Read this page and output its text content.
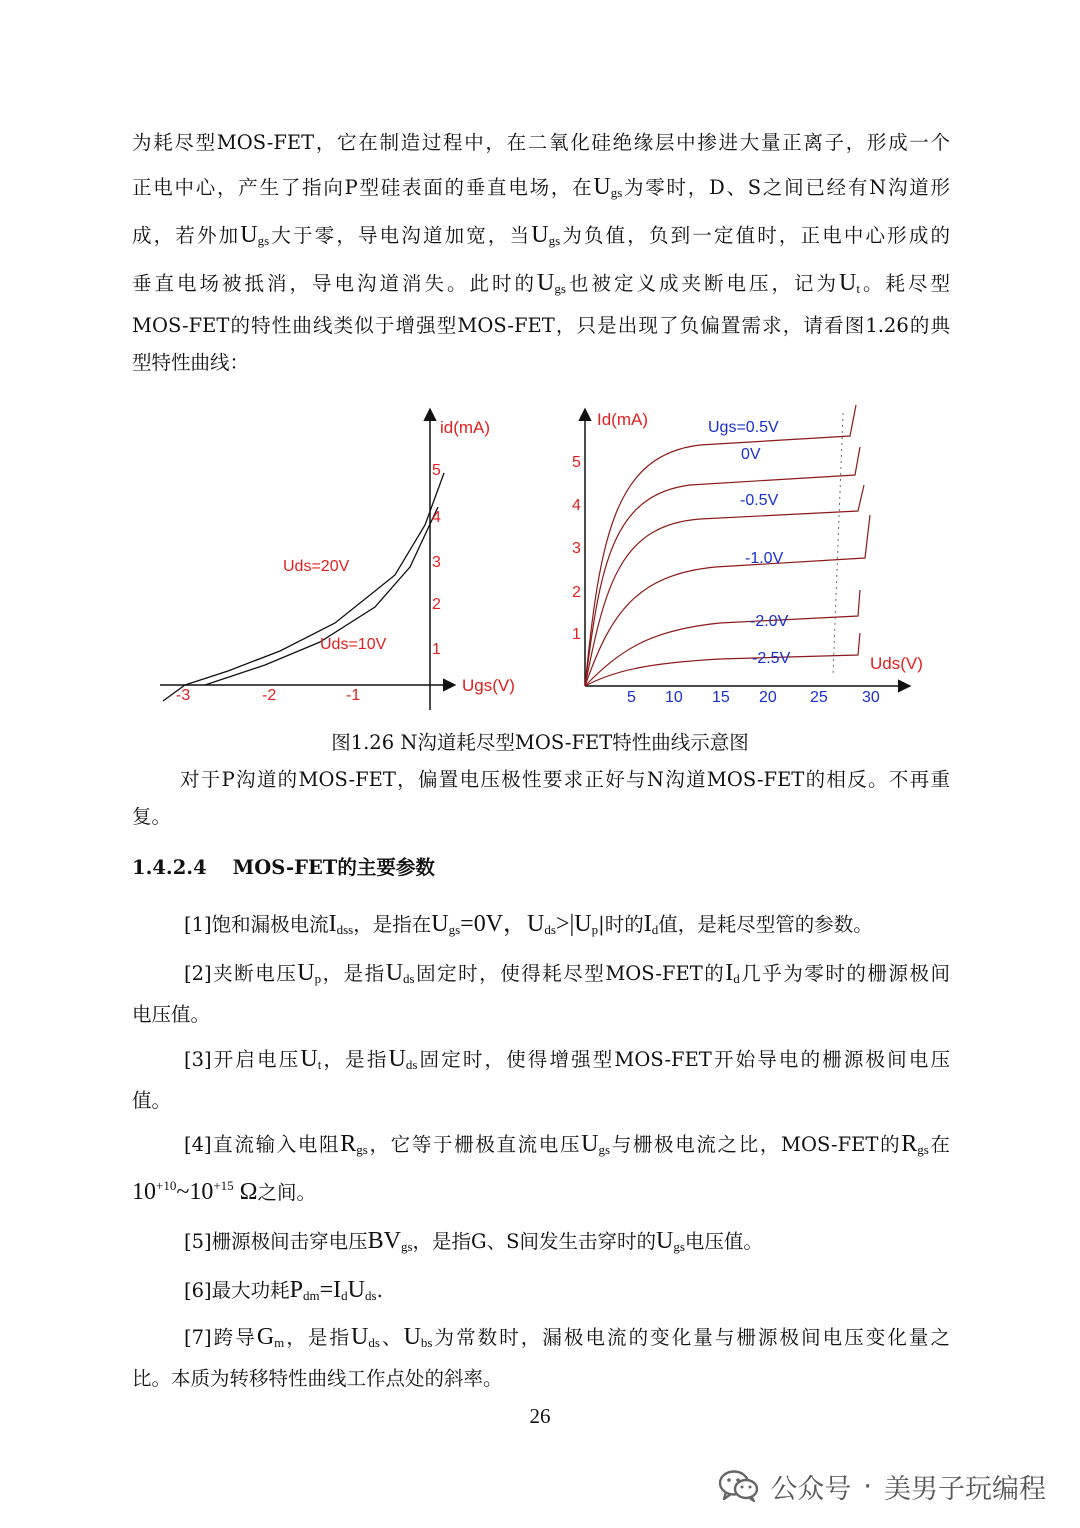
为耗尽型MOS-FET，它在制造过程中，在二氧化硅绝缘层中掺进大量正离子，形成一个
正电中心，产生了指向P型硅表面的垂直电场，在$U_{gs}$为零时，D、S之间已经有N沟道形
成，若外加$U_{gs}$大于零，导电沟道加宽，当$U_{gs}$为负值，负到一定值时，正电中心形成的
垂直电场被抵消，导电沟道消失。此时的$U_{gs}$也被定义成夹断电压，记为$U_t$。耗尽型
MOS-FET的特性曲线类似于增强型MOS-FET，只是出现了负偏置需求，请看图1.26的典
型特性曲线：
id(mA)
Ugs(V)
1
2
3
4
5
-3	-2	-1
Uds=20V
Uds=10V
Id(mA)
Uds(V)
1
2
3
4
5
5 10 15 20 25 30
Ugs=0.5V
0V
-0.5V
-1.0V
-2.0V
-2.5V
图1.26 N沟道耗尽型MOS-FET特性曲线示意图
对于P沟道的MOS-FET，偏置电压极性要求正好与N沟道MOS-FET的相反。不再重
复。
1.4.2.4 MOS-FET的主要参数
[1]饱和漏极电流$I_{dss}$，是指在$U_{gs}=0V$，$U_{ds}>|U_p|$时的$I_d$值，是耗尽型管的参数。
[2]夹断电压$U_p$，是指$U_{ds}$固定时，使得耗尽型MOS-FET的$I_d$几乎为零时的栅源极间
电压值。
[3]开启电压$U_t$，是指$U_{ds}$固定时，使得增强型MOS-FET开始导电的栅源极间电压
值。
[4]直流输入电阻$R_{gs}$，它等于栅极直流电压$U_{gs}$与栅极电流之比，MOS-FET的$R_{gs}$在
$10^{+10}\sim 10^{+15}$ Ω之间。
[5]栅源极间击穿电压$BV_{gs}$，是指G、S间发生击穿时的$U_{gs}$电压值。
[6]最大功耗$P_{dm}=I_dU_{ds}$.
[7]跨导$G_m$，是指$U_{ds}$、$U_{bs}$为常数时，漏极电流的变化量与栅源极间电压变化量之
比。本质为转移特性曲线工作点处的斜率。
26
公众号 · 美男子玩编程
